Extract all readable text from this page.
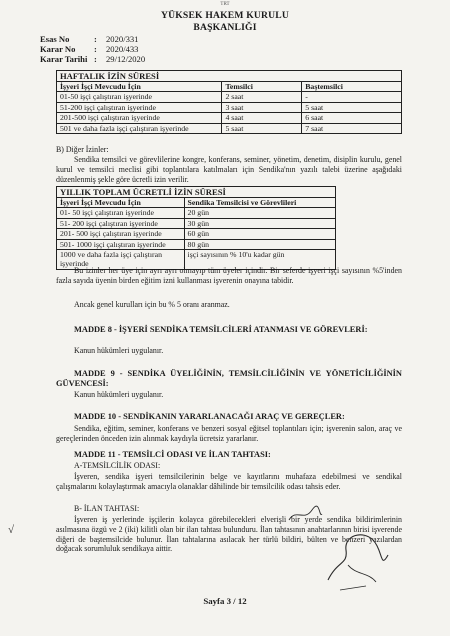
TRT
YÜKSEK HAKEM KURULU
BAŞKANLIĞI
Esas No	: 2020/331
Karar No : 2020/433
Karar Tarihi : 29/12/2020
HAFTALIK İZİN SÜRESİ
İşyeri İşçi Mevcudu İçin	Temsilci	Baştemsilci
01-50 işçi çalıştıran işyerinde	2 saat	-
51-200 işçi çalıştıran işyerinde	3 saat	5 saat
201-500 işçi çalıştıran işyerinde	4 saat	6 saat
501 ve daha fazla işçi çalıştıran işyerinde	5 saat	7 saat
B) Diğer İzinler:
Sendika temsilci ve görevlilerine kongre, konferans, seminer, yönetim, denetim, disiplin kurulu, genel kurul ve temsilci meclisi gibi toplantılara katılmaları için Sendika'nın yazılı talebi üzerine aşağıdaki düzenlenmiş şekle göre ücretli izin verilir.
YILLIK TOPLAM ÜCRETLİ İZİN SÜRESİ
İşyeri İşçi Mevcudu İçin	Sendika Temsilcisi ve Görevlileri
01- 50 işçi çalıştıran işyerinde	20 gün
51- 200 işçi çalıştıran işyerinde	30 gün
201- 500 işçi çalıştıran işyerinde	60 gün
501- 1000 işçi çalıştıran işyerinde	80 gün
1000 ve daha fazla işçi çalıştıran işyerinde	işçi sayısının % 10'u kadar gün
Bu izinler her üye için ayrı ayrı olmayıp tüm üyeler içindir. Bir seferde işyeri işçi sayısının %5'inden fazla sayıda üyenin birden eğitim izni kullanması işverenin onayına tabidir.
Ancak genel kurulları için bu % 5 oranı aranmaz.
MADDE 8 - İŞYERİ SENDİKA TEMSİLCİLERİ ATANMASI VE GÖREVLERİ:
Kanun hükümleri uygulanır.
MADDE 9 - SENDİKA ÜYELİĞİNİN, TEMSİLCİLİĞİNİN VE YÖNETİCİLİĞİNİN GÜVENCESİ:
Kanun hükümleri uygulanır.
MADDE 10 - SENDİKANIN YARARLANACAĞI ARAÇ VE GEREÇLER:
Sendika, eğitim, seminer, konferans ve benzeri sosyal eğitsel toplantıları için; işverenin salon, araç ve gereçlerinden önceden izin alınmak kaydıyla ücretsiz yararlanır.
MADDE 11 - TEMSİLCİ ODASI VE İLAN TAHTASI:
A-TEMSİLCİLİK ODASI:
İşveren, sendika işyeri temsilcilerinin belge ve kayıtlarını muhafaza edebilmesi ve sendikal çalışmalarını kolaylaştırmak amacıyla olanaklar dâhilinde bir temsilcilik odası tahsis eder.
B- İLAN TAHTASI:
İşveren iş yerlerinde işçilerin kolayca görebilecekleri elverişli bir yerde sendika bildirimlerinin asılmasına özgü ve 2 (iki) kilitli olan bir ilan tahtası bulunduru. İlan tahtasının anahtarlarının birisi işverende diğeri de baştemsilcide bulunur. İlan tahtalarına asılacak her türlü bildiri, bülten ve benzeri yazılardan doğacak sorumluluk sendikaya aittir.
√
Sayfa 3 / 12
